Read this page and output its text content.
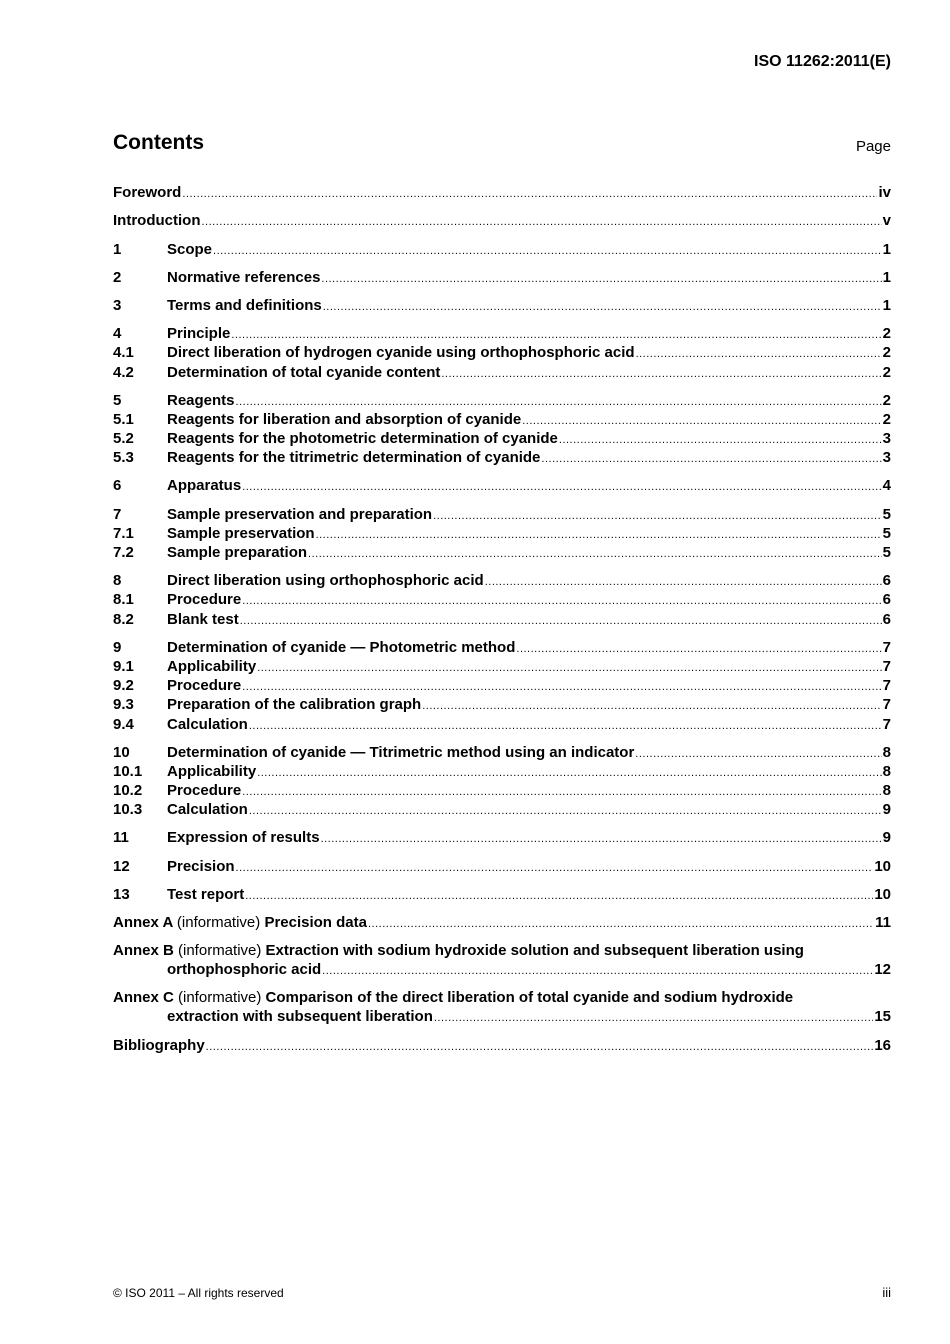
ISO 11262:2011(E)
Contents	Page
Foreword .....	iv
Introduction .....	v
1	Scope .....	1
2	Normative references .....	1
3	Terms and definitions .....	1
4	Principle .....	2
4.1	Direct liberation of hydrogen cyanide using orthophosphoric acid .....	2
4.2	Determination of total cyanide content .....	2
5	Reagents .....	2
5.1	Reagents for liberation and absorption of cyanide .....	2
5.2	Reagents for the photometric determination of cyanide .....	3
5.3	Reagents for the titrimetric determination of cyanide .....	3
6	Apparatus .....	4
7	Sample preservation and preparation .....	5
7.1	Sample preservation .....	5
7.2	Sample preparation .....	5
8	Direct liberation using orthophosphoric acid .....	6
8.1	Procedure .....	6
8.2	Blank test .....	6
9	Determination of cyanide — Photometric method .....	7
9.1	Applicability .....	7
9.2	Procedure .....	7
9.3	Preparation of the calibration graph .....	7
9.4	Calculation .....	7
10	Determination of cyanide — Titrimetric method using an indicator .....	8
10.1	Applicability .....	8
10.2	Procedure .....	8
10.3	Calculation .....	9
11	Expression of results .....	9
12	Precision .....	10
13	Test report .....	10
Annex A (informative) Precision data .....	11
Annex B (informative) Extraction with sodium hydroxide solution and subsequent liberation using
orthophosphoric acid .....	12
Annex C (informative) Comparison of the direct liberation of total cyanide and sodium hydroxide
extraction with subsequent liberation .....	15
Bibliography .....	16
© ISO 2011 – All rights reserved	iii
